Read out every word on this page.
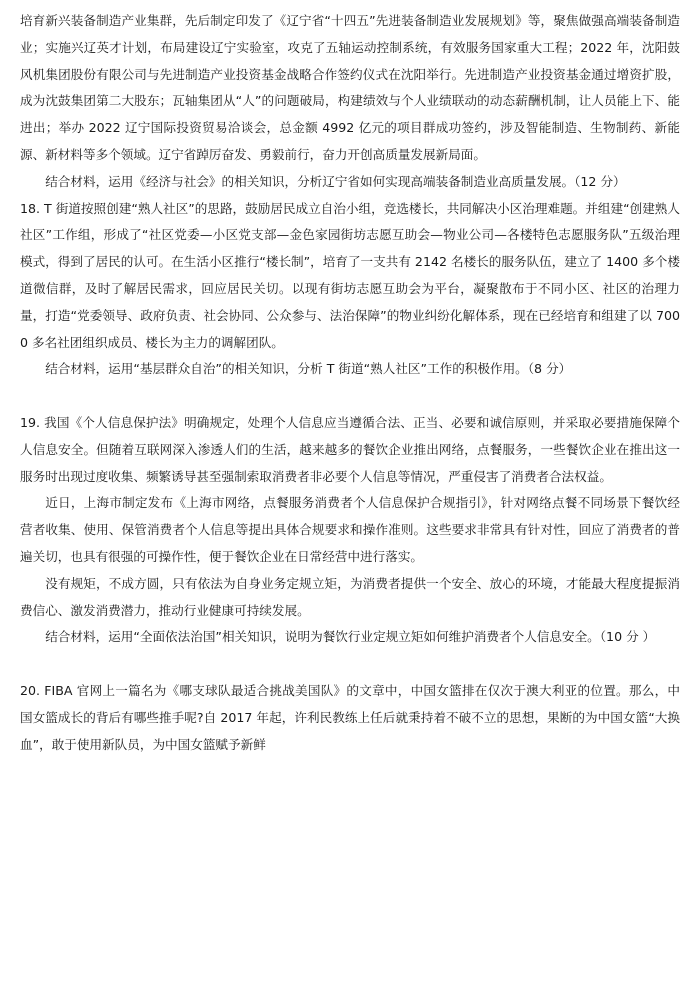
培育新兴装备制造产业集群，先后制定印发了《辽宁省“十四五”先进装备制造业发展规划》等，聚焦做强高端装备制造业；实施兴辽英才计划，布局建设辽宁实验室，攻克了五轴运动控制系统，有效服务国家重大工程；2022 年，沈阳鼓风机集团股份有限公司与先进制造产业投资基金战略合作签约仪式在沈阳举行。先进制造产业投资基金通过增资扩股，成为沈鼓集团第二大股东；瓦轴集团从“人”的问题破局，构建绩效与个人业绩联动的动态薪酬机制，让人员能上下、能进出；举办 2022 辽宁国际投资贸易洽谈会，总金额 4992 亿元的项目群成功签约，涉及智能制造、生物制药、新能源、新材料等多个领域。辽宁省踔厉奋发、勇毅前行，奋力开创高质量发展新局面。

结合材料，运用《经济与社会》的相关知识，分析辽宁省如何实现高端装备制造业高质量发展。（12 分）

18. T 街道按照创建“熟人社区”的思路，鼓励居民成立自治小组，竞选楼长，共同解决小区治理难题。并组建“创建熟人社区”工作组，形成了“社区党委—小区党支部—金色家园街坊志愿互助会—物业公司—各楼特色志愿服务队”五级治理模式，得到了居民的认可。在生活小区推行“楼长制”，培育了一支共有 2142 名楼长的服务队伍，建立了 1400 多个楼道微信群，及时了解居民需求，回应居民关切。以现有街坊志愿互助会为平台，凝聚散布于不同小区、社区的治理力量，打造“党委领导、政府负责、社会协同、公众参与、法治保障”的物业纠纷化解体系，现在已经培育和组建了以 7000 多名社团组织成员、楼长为主力的调解团队。

结合材料，运用“基层群众自治”的相关知识，分析 T 街道“熟人社区”工作的积极作用。（8 分）

19. 我国《个人信息保护法》明确规定，处理个人信息应当遵循合法、正当、必要和诚信原则，并采取必要措施保障个人信息安全。但随着互联网深入渗透人们的生活，越来越多的餐饮企业推出网络，点餐服务，一些餐饮企业在推出这一服务时出现过度收集、频繁诱导甚至强制索取消费者非必要个人信息等情况，严重侵害了消费者合法权益。

近日，上海市制定发布《上海市网络，点餐服务消费者个人信息保护合规指引》，针对网络点餐不同场景下餐饮经营者收集、使用、保管消费者个人信息等提出具体合规要求和操作准则。这些要求非常具有针对性，回应了消费者的普遍关切，也具有很强的可操作性，便于餐饮企业在日常经营中进行落实。

没有规矩，不成方圆，只有依法为自身业务定规立矩，为消费者提供一个安全、放心的环境，才能最大程度提振消费信心、激发消费潜力，推动行业健康可持续发展。

结合材料，运用“全面依法治国”相关知识，说明为餐饮行业定规立矩如何维护消费者个人信息安全。（10 分 ）

20. FIBA 官网上一篇名为《哪支球队最适合挑战美国队》的文章中，中国女篮排在仅次于澳大利亚的位置。那么，中国女篮成长的背后有哪些推手呢?自 2017 年起，许利民教练上任后就秉持着不破不立的思想，果断的为中国女篮“大换血”，敢于使用新队员，为中国女篮赋予新鲜
